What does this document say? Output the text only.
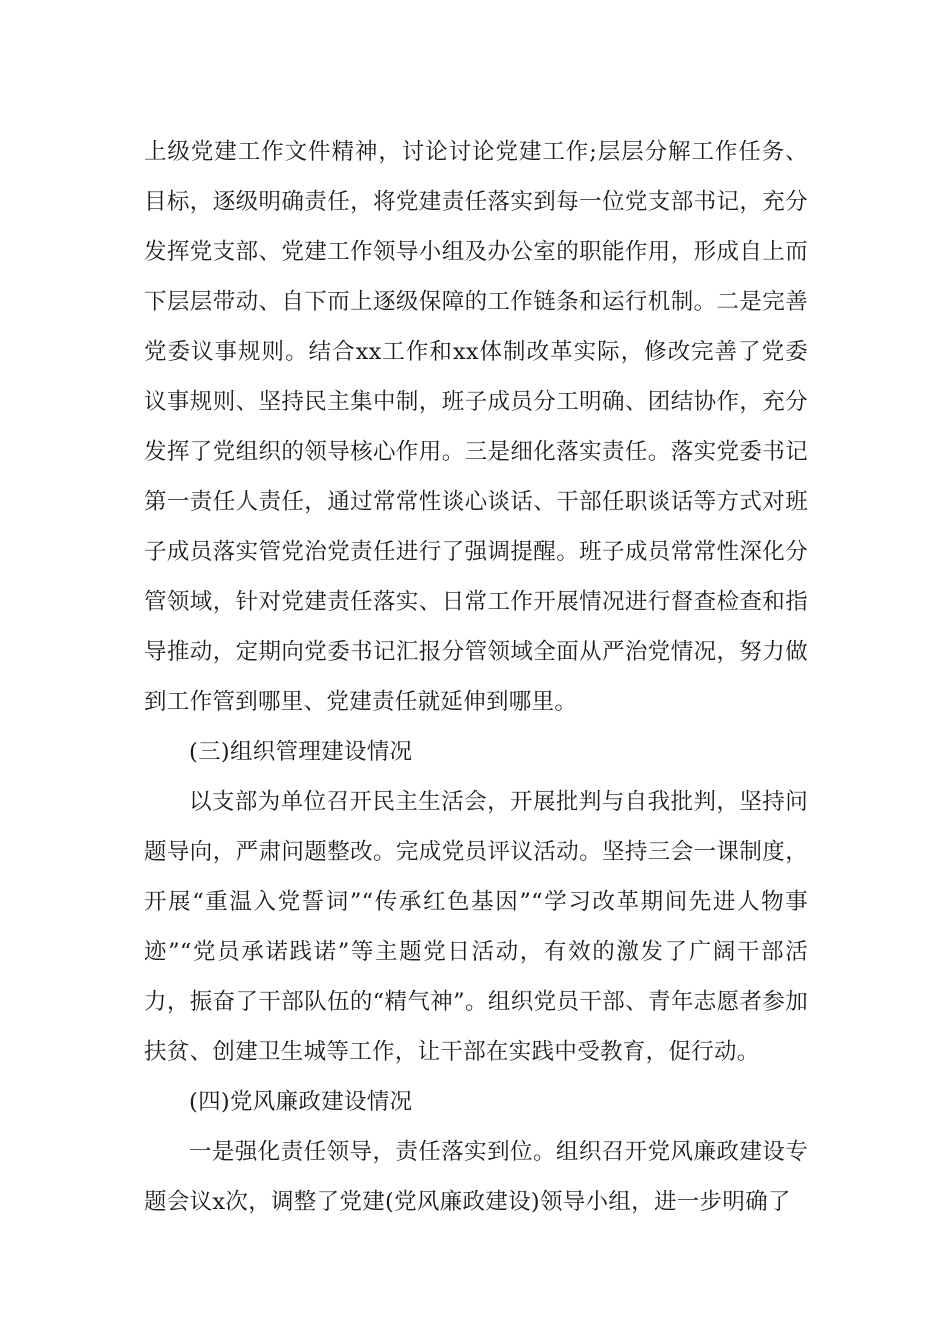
上级党建工作文件精神，讨论讨论党建工作;层层分解工作任务、目标，逐级明确责任，将党建责任落实到每一位党支部书记，充分发挥党支部、党建工作领导小组及办公室的职能作用，形成自上而下层层带动、自下而上逐级保障的工作链条和运行机制。二是完善党委议事规则。结合xx工作和xx体制改革实际，修改完善了党委议事规则、坚持民主集中制，班子成员分工明确、团结协作，充分发挥了党组织的领导核心作用。三是细化落实责任。落实党委书记第一责任人责任，通过常常性谈心谈话、干部任职谈话等方式对班子成员落实管党治党责任进行了强调提醒。班子成员常常性深化分管领域，针对党建责任落实、日常工作开展情况进行督查检查和指导推动，定期向党委书记汇报分管领域全面从严治党情况，努力做到工作管到哪里、党建责任就延伸到哪里。

(三)组织管理建设情况

以支部为单位召开民主生活会，开展批判与自我批判，坚持问题导向，严肃问题整改。完成党员评议活动。坚持三会一课制度，开展“重温入党誓词”“传承红色基因”“学习改革期间先进人物事迹”“党员承诺践诺”等主题党日活动，有效的激发了广阔干部活力，振奋了干部队伍的“精气神”。组织党员干部、青年志愿者参加扶贫、创建卫生城等工作，让干部在实践中受教育，促行动。

(四)党风廉政建设情况

一是强化责任领导，责任落实到位。组织召开党风廉政建设专题会议x次，调整了党建(党风廉政建设)领导小组，进一步明确了
